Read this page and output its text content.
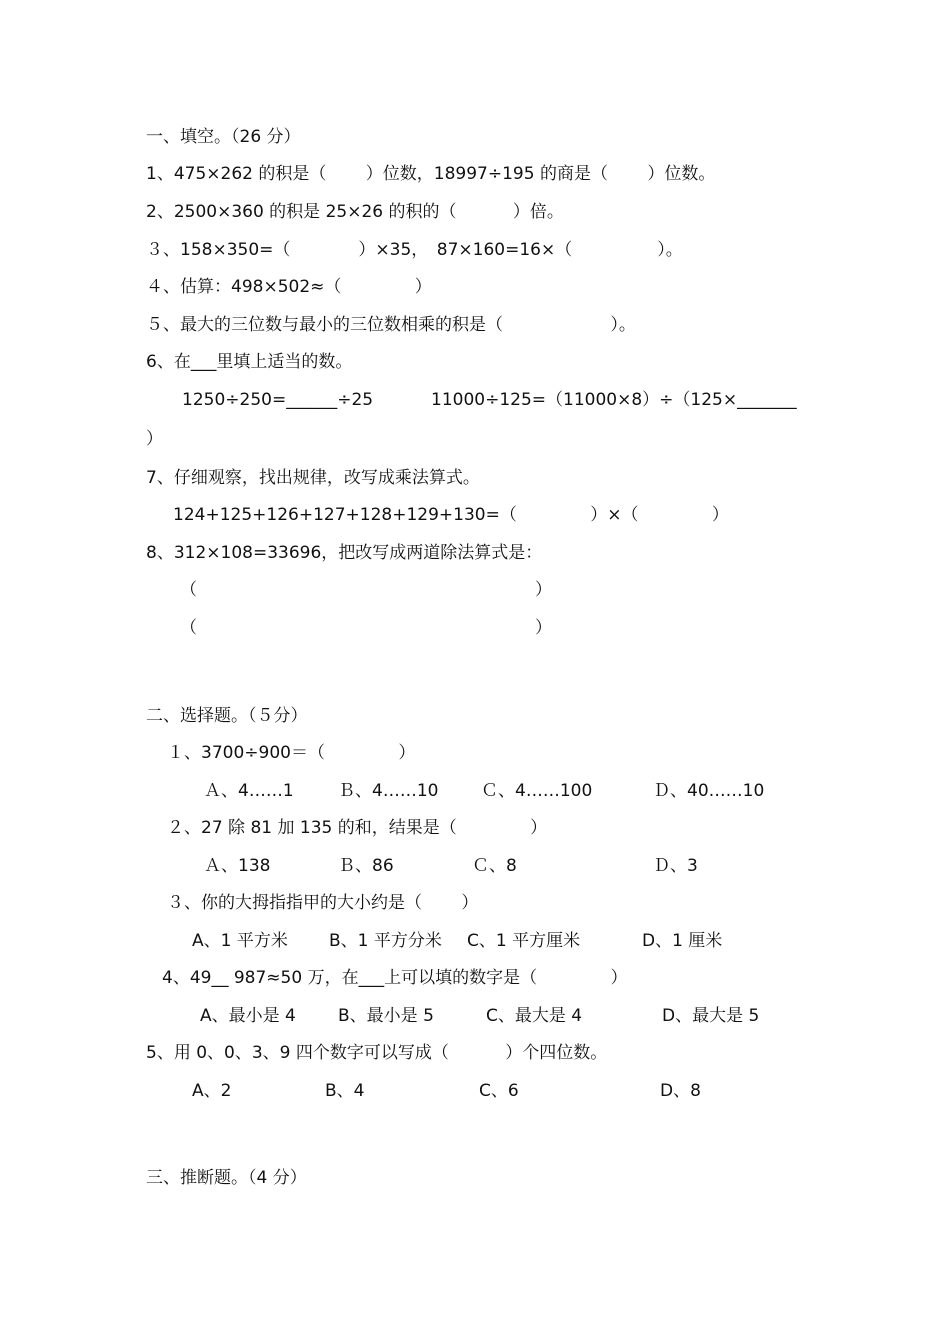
一、填空。（26 分）
1、475×262 的积是（　　 ）位数，18997÷195 的商是（　　 ）位数。
2、2500×360 的积是 25×26 的积的（　　　 ）倍。
３、158×350=（　　　　）×35，　87×160=16×（　　　　　）。
４、估算：498×502≈（　　　　 ）
５、最大的三位数与最小的三位数相乘的积是（　　　　　　 ）。
6、在___里填上适当的数。
1250÷250=______÷25	11000÷125=（11000×8）÷（125×_______
）
7、仔细观察，找出规律，改写成乘法算式。
124+125+126+127+128+129+130=（　　　　 ）×（　　　　 ）
8、312×108=33696，把改写成两道除法算式是：

（

	）

（

	）

二、选择题。（５分）
１、3700÷900＝（　　　　 ）

Ａ、4……1

	Ｂ、4……10

	Ｃ、4……100

	Ｄ、40……10

２、27 除 81 加 135 的和，结果是（　　　　 ）

Ａ、138

	Ｂ、86

	Ｃ、8

	Ｄ、3

３、你的大拇指指甲的大小约是（　　 ）

A、1 平方米

B、1 平方分米

C、1 平方厘米

	D、1 厘米

4、49__ 987≈50 万，在___上可以填的数字是（　　　　 ）

A、最小是 4

B、最小是 5

	C、最大是 4

	D、最大是 5

5、用 0、0、3、9 四个数字可以写成（　　　 ）个四位数。

A、2

	B、4

	C、6

	D、8

三、推断题。（4 分）
